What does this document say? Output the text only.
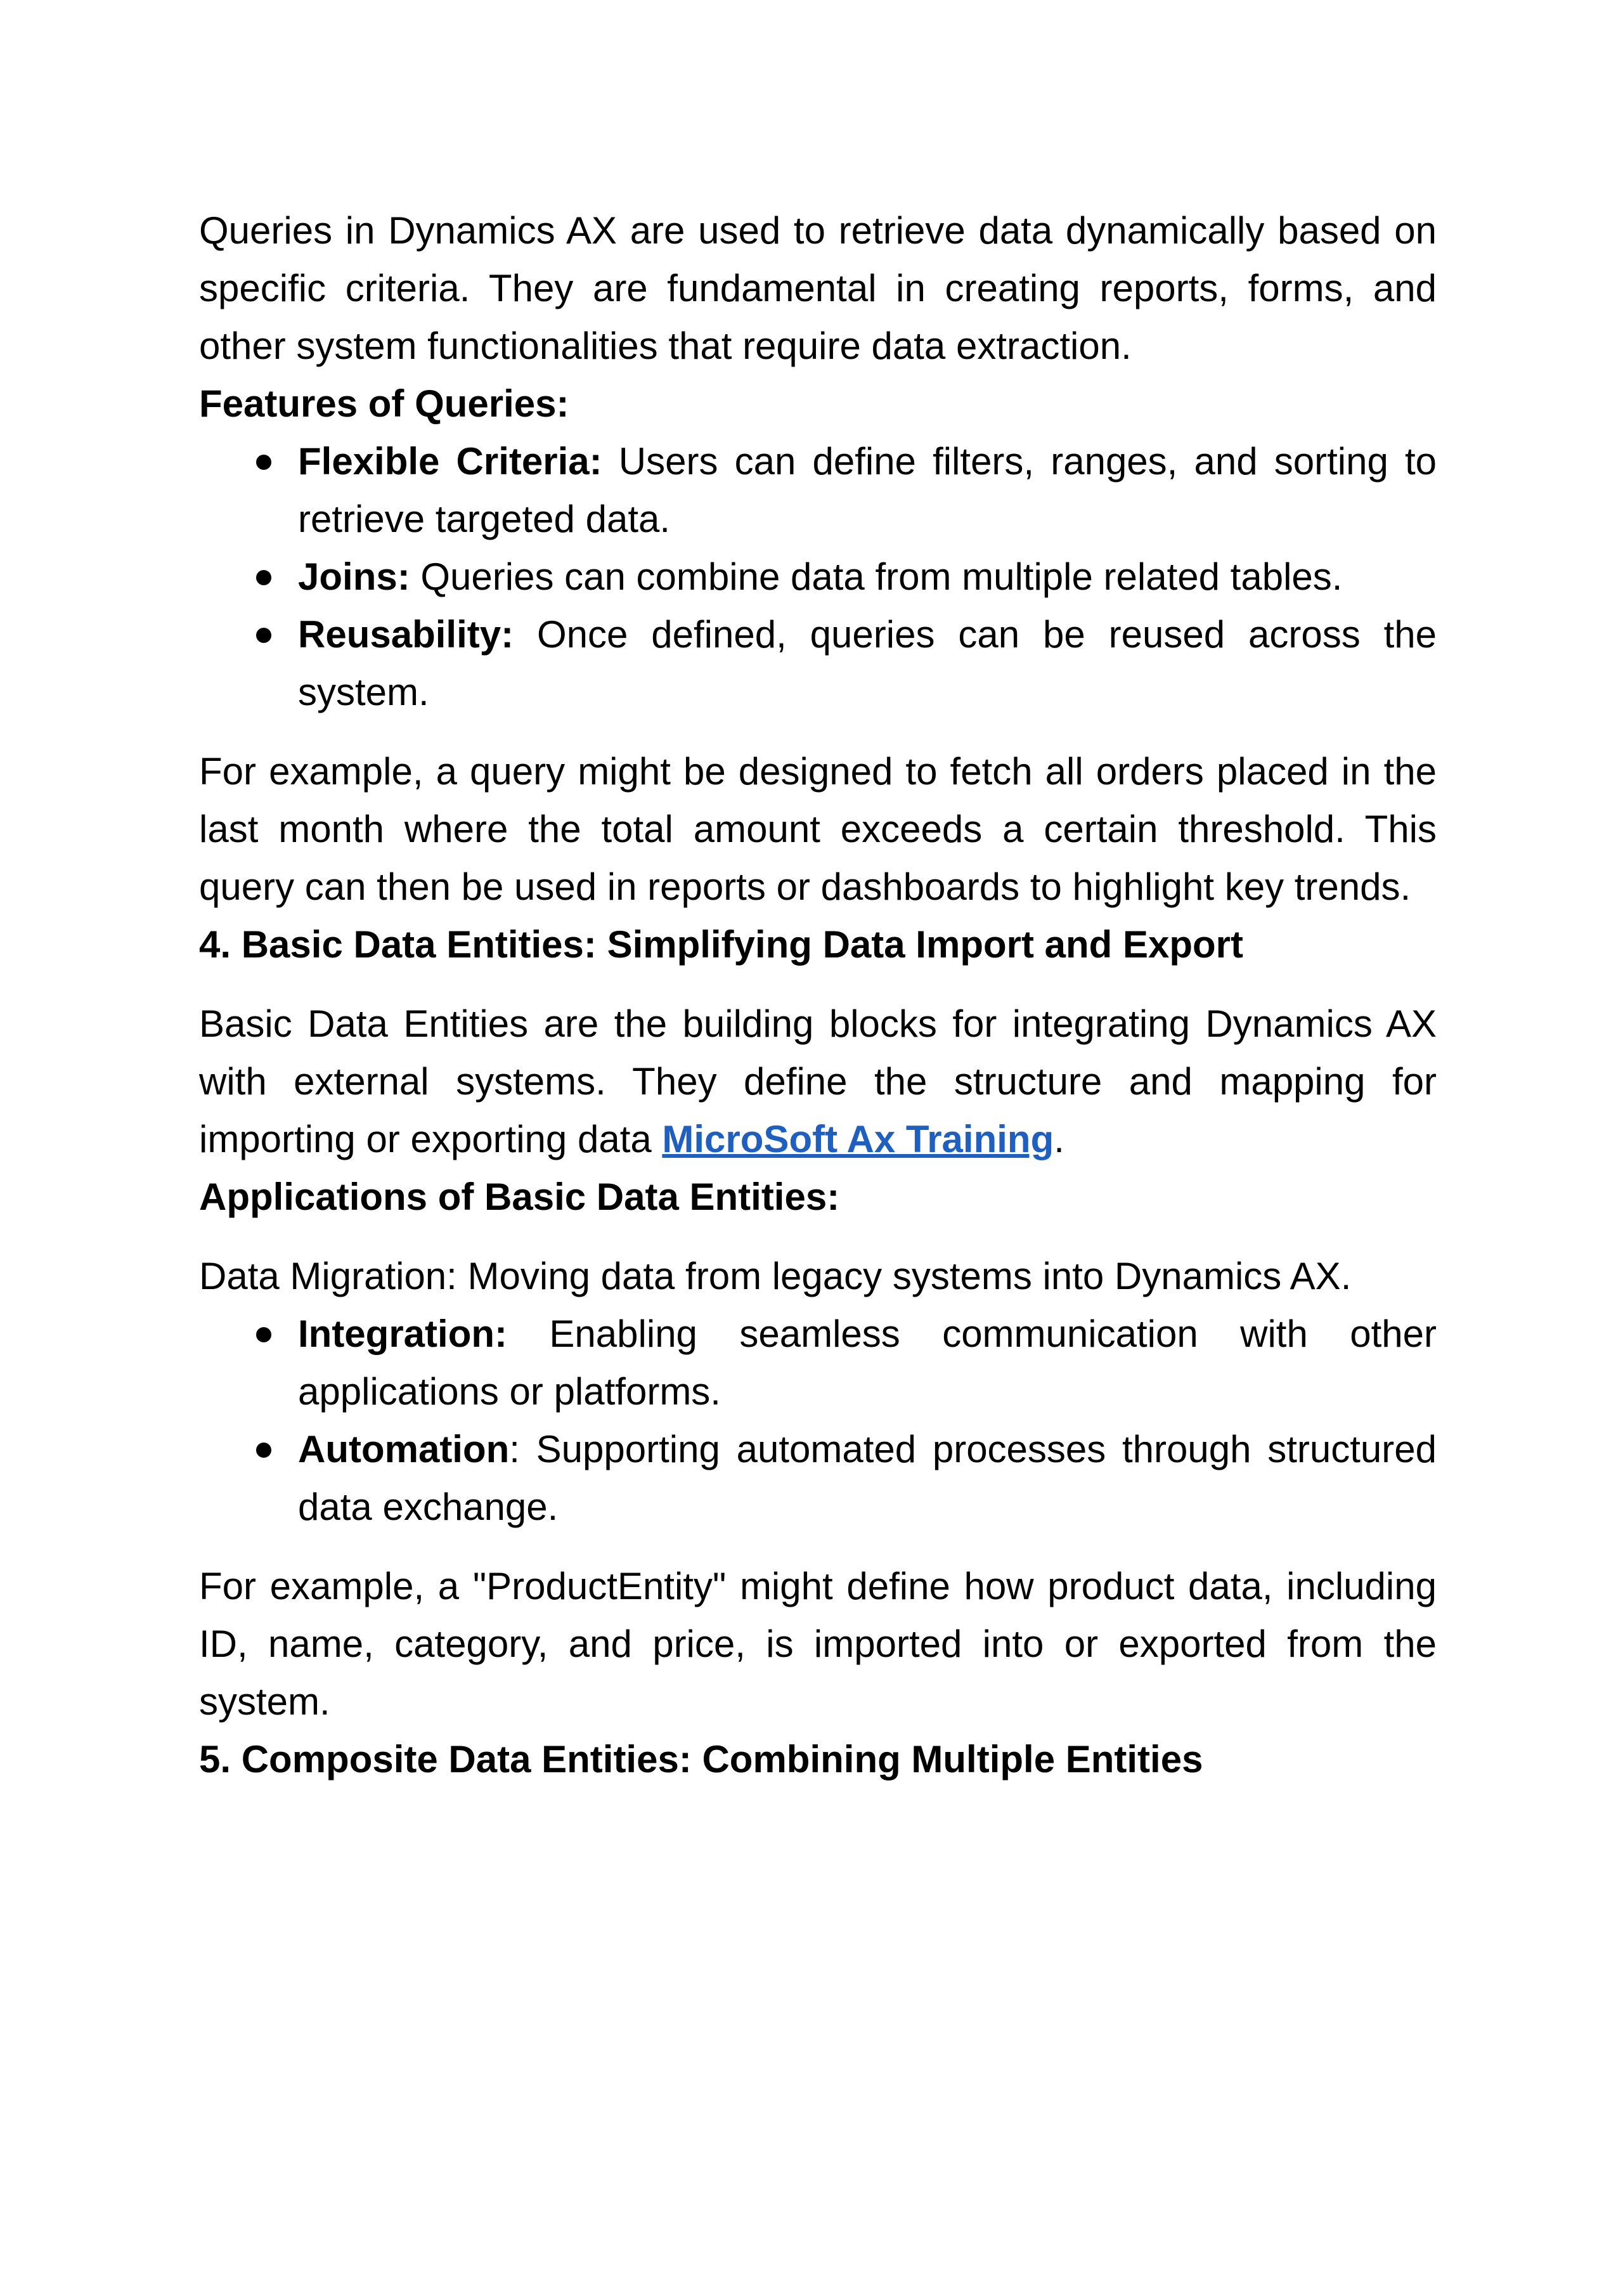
Queries in Dynamics AX are used to retrieve data dynamically based on specific criteria. They are fundamental in creating reports, forms, and other system functionalities that require data extraction.

Features of Queries:

Flexible Criteria: Users can define filters, ranges, and sorting to retrieve targeted data.
Joins: Queries can combine data from multiple related tables.
Reusability: Once defined, queries can be reused across the system.

For example, a query might be designed to fetch all orders placed in the last month where the total amount exceeds a certain threshold. This query can then be used in reports or dashboards to highlight key trends.

4. Basic Data Entities: Simplifying Data Import and Export

Basic Data Entities are the building blocks for integrating Dynamics AX with external systems. They define the structure and mapping for importing or exporting data MicroSoft Ax Training.

Applications of Basic Data Entities:

Data Migration: Moving data from legacy systems into Dynamics AX.

Integration: Enabling seamless communication with other applications or platforms.
Automation: Supporting automated processes through structured data exchange.

For example, a "ProductEntity" might define how product data, including ID, name, category, and price, is imported into or exported from the system.

5. Composite Data Entities: Combining Multiple Entities
